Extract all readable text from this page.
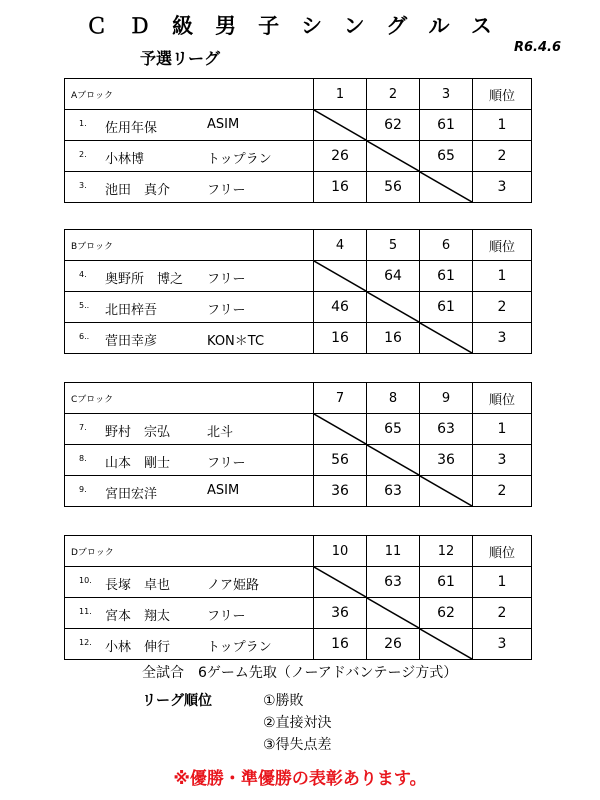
ＣＤ級男子シングルス
予選リーグ
R6.4.6
Aブロック	1	2	3	順位

1. 佐用年保 ASIM		62	61	1

2. 小林博 トップラン	26		65	2

3. 池田　真介 フリー	16	56		3
Bブロック	4	5	6	順位

4. 奥野所　博之 フリー		64	61	1

5.. 北田梓吾 フリー	46		61	2

6.. 菅田幸彦 KON＊TC	16	16		3
Cブロック	7	8	9	順位

7. 野村　宗弘 北斗		65	63	1

8. 山本　剛士 フリー	56		36	3

9. 宮田宏洋 ASIM	36	63		2
Dブロック	10	11	12	順位

10. 長塚　卓也 ノア姫路		63	61	1

11. 宮本　翔太 フリー	36		62	2

12. 小林　伸行 トップラン	16	26		3
全試合　6ゲーム先取（ノーアドバンテージ方式）
リーグ順位	①勝敗
②直接対決
③得失点差
※優勝・準優勝の表彰あります。
